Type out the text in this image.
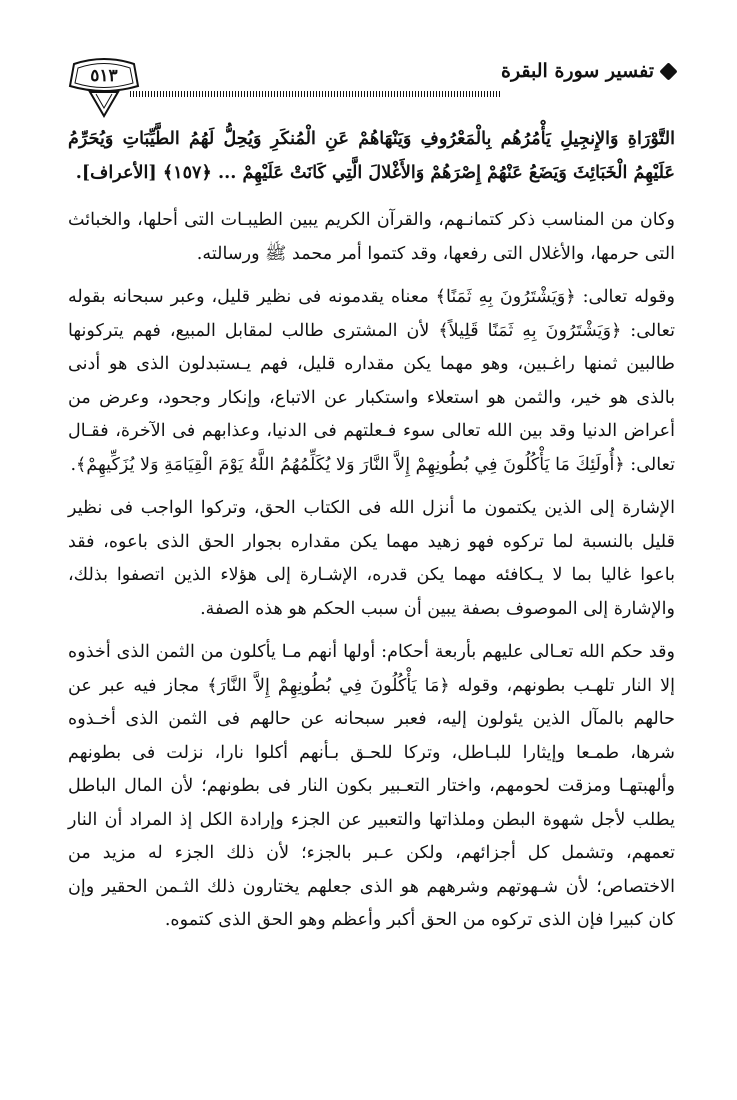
تفسير سورة البقرة
٥١٣

التَّوْرَاةِ وَالإِنجِيلِ يَأْمُرُهُم بِالْمَعْرُوفِ وَيَنْهَاهُمْ عَنِ الْمُنكَرِ وَيُحِلُّ لَهُمُ الطَّيِّبَاتِ وَيُحَرِّمُ عَلَيْهِمُ الْخَبَائِثَ وَيَضَعُ عَنْهُمْ إِصْرَهُمْ وَالأَغْلالَ الَّتِي كَانَتْ عَلَيْهِمْ ... ﴿١٥٧﴾ [الأعراف].

وكان من المناسب ذكر كتمانـهم، والقرآن الكريم يبين الطيبـات التى أحلها، والخبائث التى حرمها، والأغلال التى رفعها، وقد كتموا أمر محمد ﷺ ورسالته.

وقوله تعالى: ﴿وَيَشْتَرُونَ بِهِ ثَمَنًا﴾ معناه يقدمونه فى نظير قليل، وعبر سبحانه بقوله تعالى: ﴿وَيَشْتَرُونَ بِهِ ثَمَنًا قَلِيلاً﴾ لأن المشترى طالب لمقابل المبيع، فهم يتركونها طالبين ثمنها راغـبين، وهو مهما يكن مقداره قليل، فهم يـستبدلون الذى هو أدنى بالذى هو خير، والثمن هو استعلاء واستكبار عن الاتباع، وإنكار وجحود، وعرض من أعراض الدنيا وقد بين الله تعالى سوء فـعلتهم فى الدنيا، وعذابهم فى الآخرة، فقـال تعالى: ﴿أُولَئِكَ مَا يَأْكُلُونَ فِي بُطُونِهِمْ إِلاَّ النَّارَ وَلا يُكَلِّمُهُمُ اللَّهُ يَوْمَ الْقِيَامَةِ وَلا يُزَكِّيهِمْ﴾.

الإشارة إلى الذين يكتمون ما أنزل الله فى الكتاب الحق، وتركوا الواجب فى نظير قليل بالنسبة لما تركوه فهو زهيد مهما يكن مقداره بجوار الحق الذى باعوه، فقد باعوا غاليا بما لا يـكافئه مهما يكن قدره، الإشـارة إلى هؤلاء الذين اتصفوا بذلك، والإشارة إلى الموصوف بصفة يبين أن سبب الحكم هو هذه الصفة.

وقد حكم الله تعـالى عليهم بأربعة أحكام: أولها أنهم مـا يأكلون من الثمن الذى أخذوه إلا النار تلهـب بطونهم، وقوله ﴿مَا يَأْكُلُونَ فِي بُطُونِهِمْ إِلاَّ النَّارَ﴾ مجاز فيه عبر عن حالهم بالمآل الذين يئولون إليه، فعبر سبحانه عن حالهم فى الثمن الذى أخـذوه شرها، طمـعا وإيثارا للبـاطل، وتركا للحـق بـأنهم أكلوا نارا، نزلت فى بطونهم وألهبتهـا ومزقت لحومهم، واختار التعـبير بكون النار فى بطونهم؛ لأن المال الباطل يطلب لأجل شهوة البطن وملذاتها والتعبير عن الجزء وإرادة الكل إذ المراد أن النار تعمهم، وتشمل كل أجزائهم، ولكن عـبر بالجزء؛ لأن ذلك الجزء له مزيد من الاختصاص؛ لأن شـهوتهم وشرههم هو الذى جعلهم يختارون ذلك الثـمن الحقير وإن كان كبيرا فإن الذى تركوه من الحق أكبر وأعظم وهو الحق الذى كتموه.
